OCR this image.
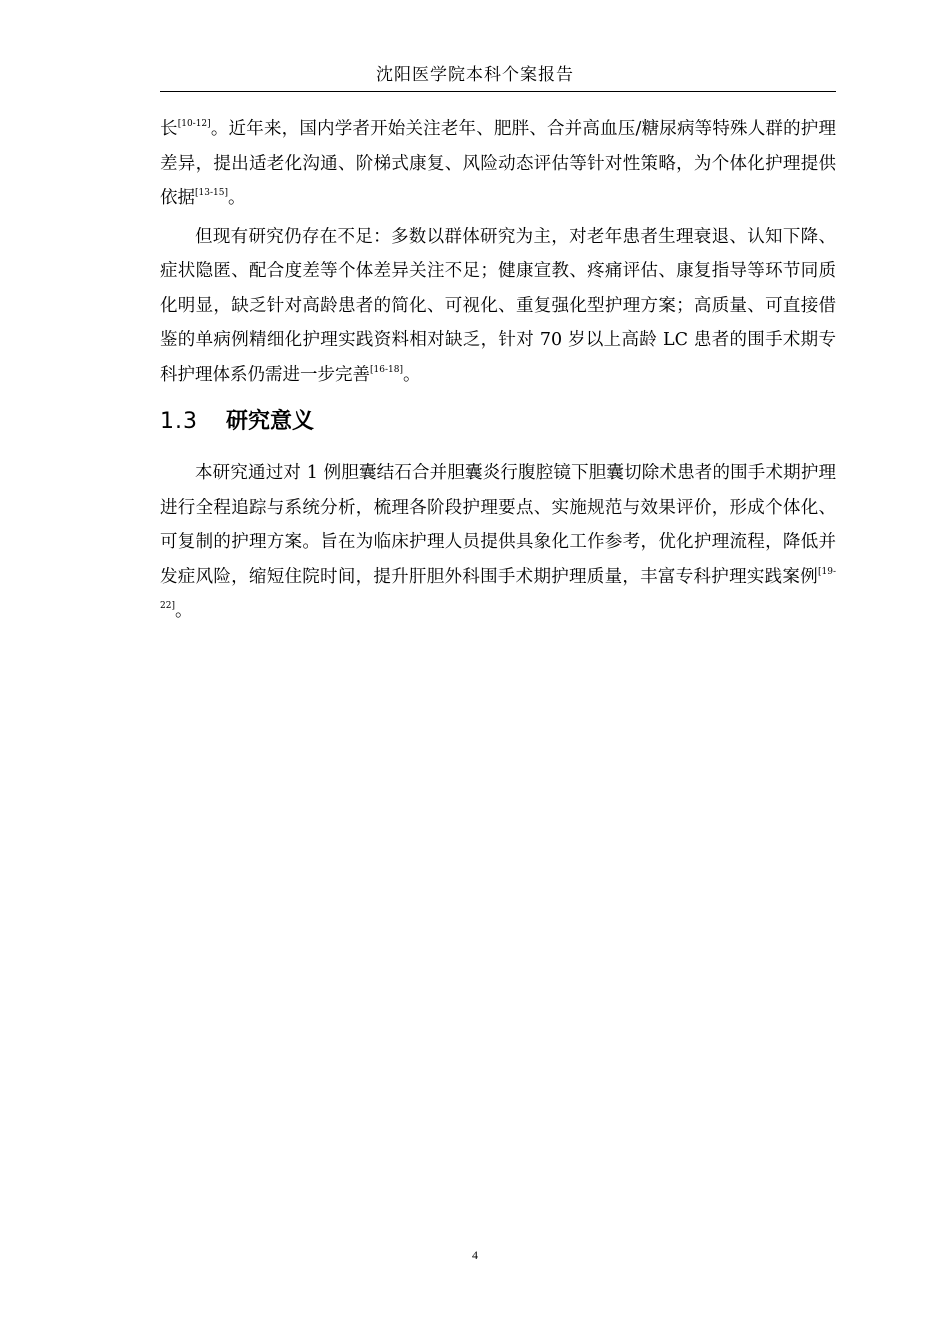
沈阳医学院本科个案报告

长[10-12]。近年来，国内学者开始关注老年、肥胖、合并高血压/糖尿病等特殊人群的护理差异，提出适老化沟通、阶梯式康复、风险动态评估等针对性策略，为个体化护理提供依据[13-15]。

但现有研究仍存在不足：多数以群体研究为主，对老年患者生理衰退、认知下降、症状隐匿、配合度差等个体差异关注不足；健康宣教、疼痛评估、康复指导等环节同质化明显，缺乏针对高龄患者的简化、可视化、重复强化型护理方案；高质量、可直接借鉴的单病例精细化护理实践资料相对缺乏，针对 70 岁以上高龄 LC 患者的围手术期专科护理体系仍需进一步完善[16-18]。

1.3	研究意义

本研究通过对 1 例胆囊结石合并胆囊炎行腹腔镜下胆囊切除术患者的围手术期护理进行全程追踪与系统分析，梳理各阶段护理要点、实施规范与效果评价，形成个体化、可复制的护理方案。旨在为临床护理人员提供具象化工作参考，优化护理流程，降低并发症风险，缩短住院时间，提升肝胆外科围手术期护理质量，丰富专科护理实践案例[19-22]。

4
